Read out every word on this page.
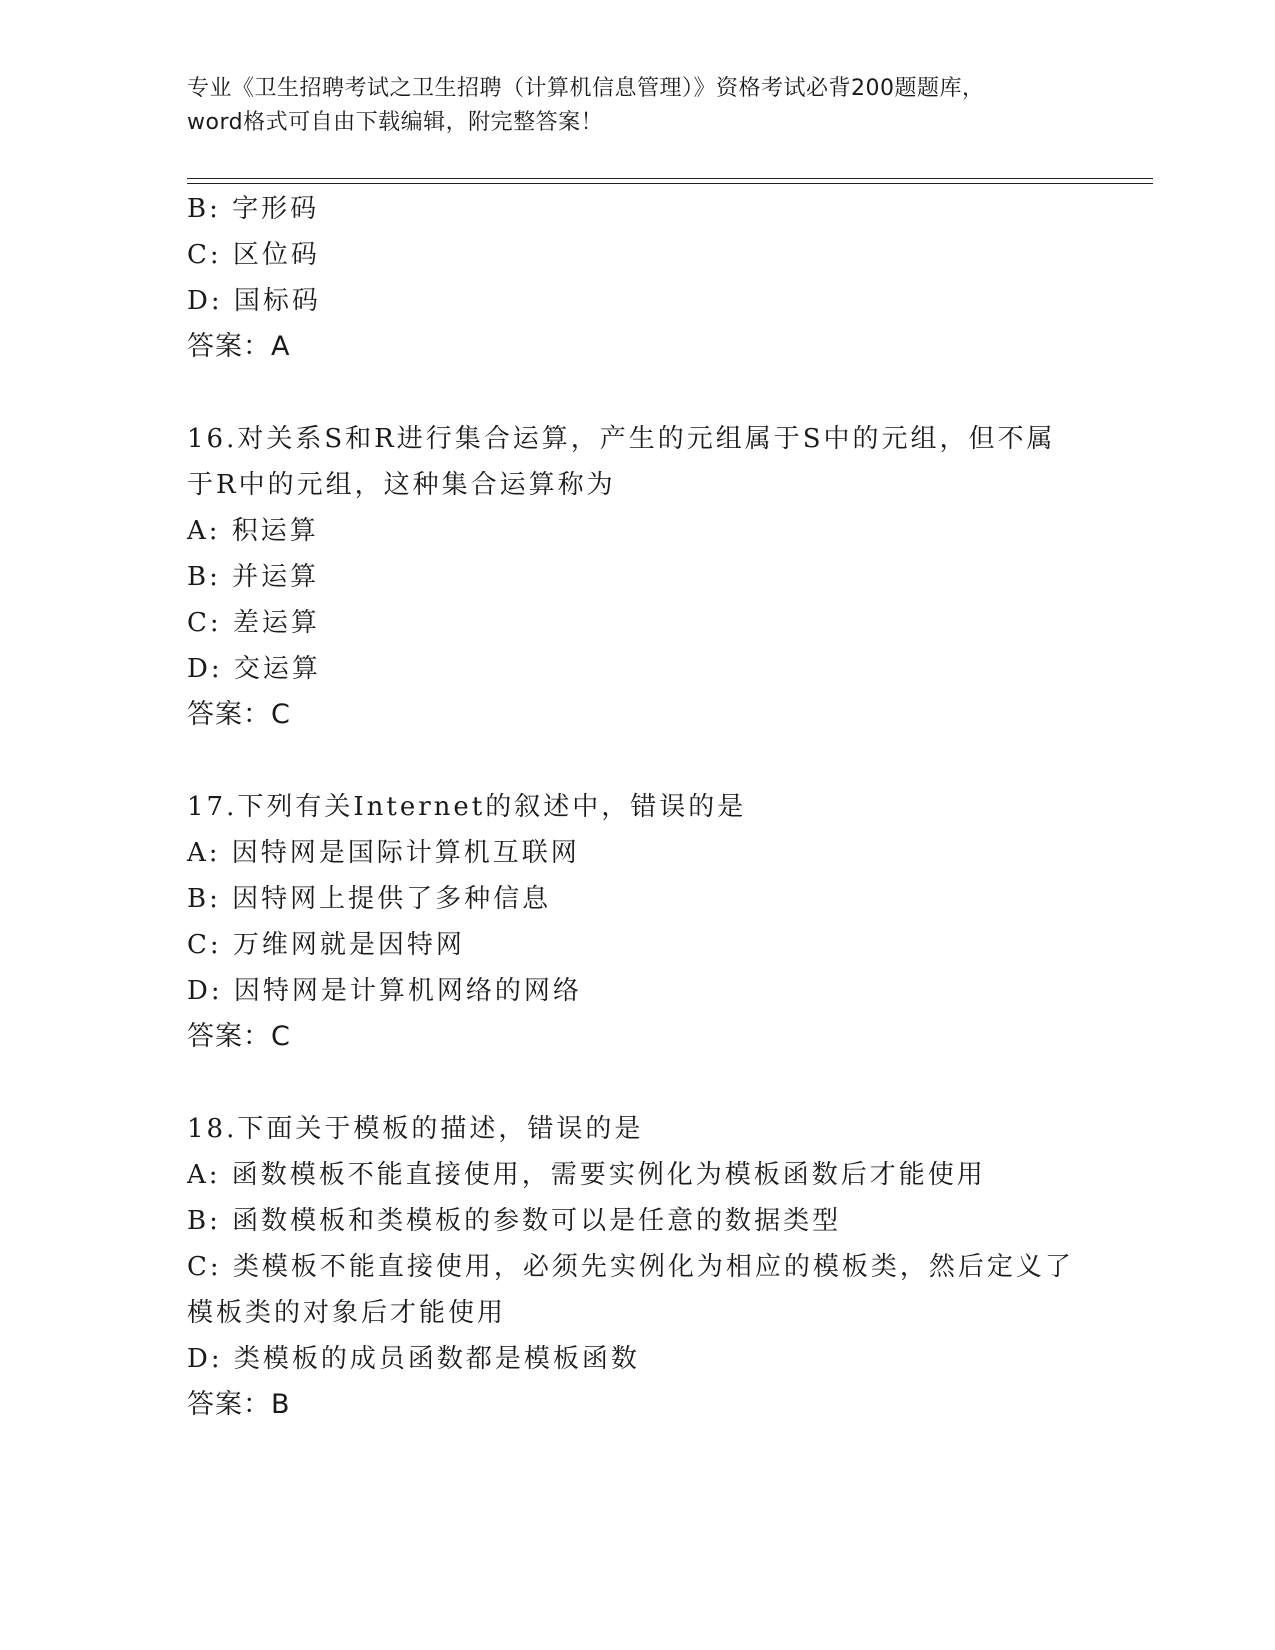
专业《卫生招聘考试之卫生招聘（计算机信息管理）》资格考试必背200题题库，
word格式可自由下载编辑，附完整答案！
B: 字形码
C: 区位码
D: 国标码
答案：A
16.对关系S和R进行集合运算，产生的元组属于S中的元组，但不属
于R中的元组，这种集合运算称为
A: 积运算
B: 并运算
C: 差运算
D: 交运算
答案：C
17.下列有关Internet的叙述中，错误的是
A: 因特网是国际计算机互联网
B: 因特网上提供了多种信息
C: 万维网就是因特网
D: 因特网是计算机网络的网络
答案：C
18.下面关于模板的描述，错误的是
A: 函数模板不能直接使用，需要实例化为模板函数后才能使用
B: 函数模板和类模板的参数可以是任意的数据类型
C: 类模板不能直接使用，必须先实例化为相应的模板类，然后定义了
模板类的对象后才能使用
D: 类模板的成员函数都是模板函数
答案：B
